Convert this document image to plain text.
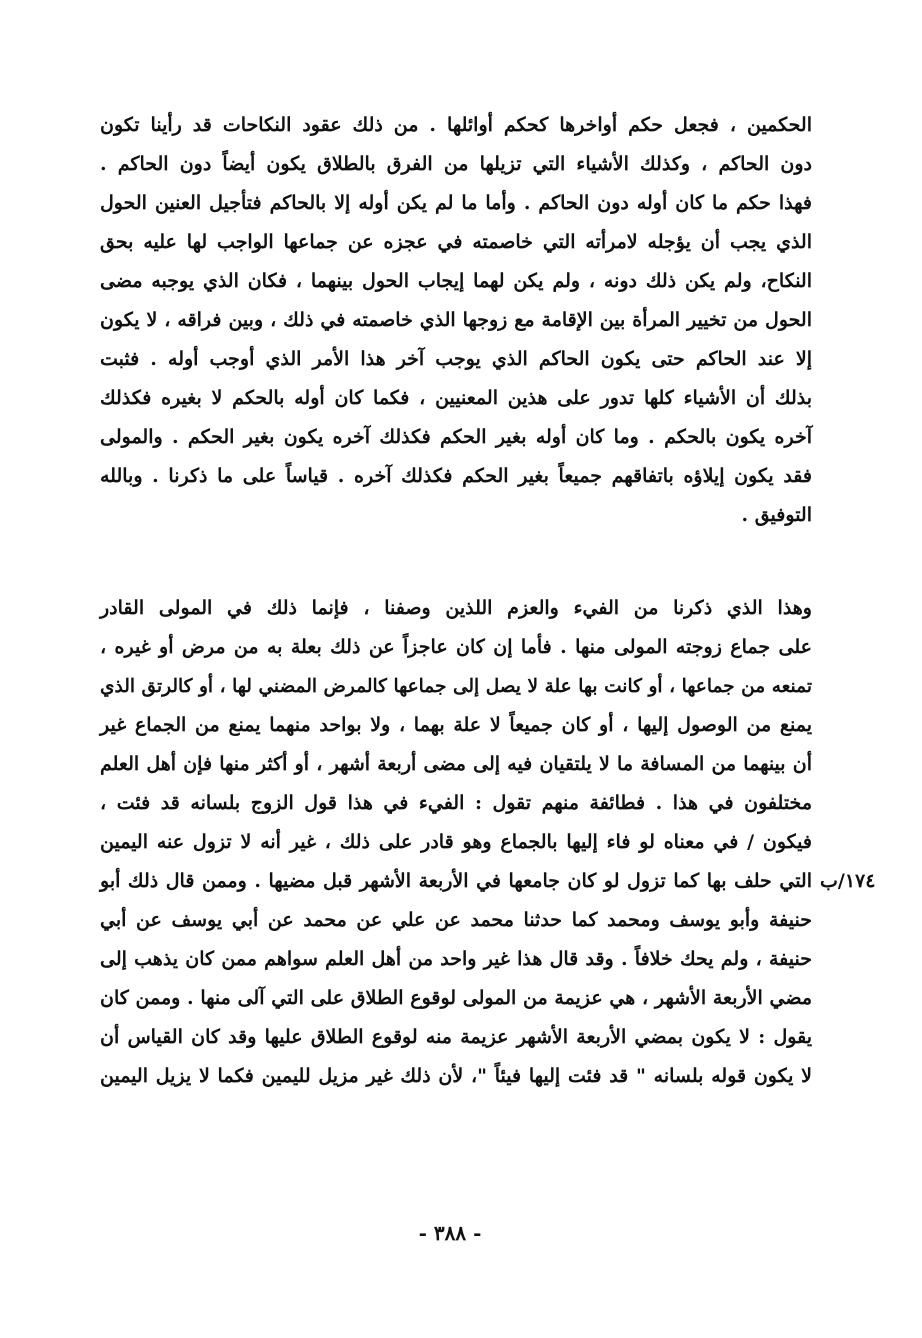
الحكمين ، فجعل حكم أواخرها كحكم أوائلها . من ذلك عقود النكاحات قد رأينا تكون
دون الحاكم ، وكذلك الأشياء التي تزيلها من الفرق بالطلاق يكون أيضاً دون الحاكم .
فهذا حكم ما كان أوله دون الحاكم . وأما ما لم يكن أوله إلا بالحاكم فتأجيل العنين الحول
الذي يجب أن يؤجله لامرأته التي خاصمته في عجزه عن جماعها الواجب لها عليه بحق
النكاح، ولم يكن ذلك دونه ، ولم يكن لهما إيجاب الحول بينهما ، فكان الذي يوجبه مضى
الحول من تخيير المرأة بين الإقامة مع زوجها الذي خاصمته في ذلك ، وبين فراقه ، لا يكون
إلا عند الحاكم حتى يكون الحاكم الذي يوجب آخر هذا الأمر الذي أوجب أوله . فثبت
بذلك أن الأشياء كلها تدور على هذين المعنيين ، فكما كان أوله بالحكم لا بغيره فكذلك
آخره يكون بالحكم . وما كان أوله بغير الحكم فكذلك آخره يكون بغير الحكم . والمولى
فقد يكون إيلاؤه باتفاقهم جميعاً بغير الحكم فكذلك آخره . قياساً على ما ذكرنا . وبالله
التوفيق .
وهذا الذي ذكرنا من الفيء والعزم اللذين وصفنا ، فإنما ذلك في المولى القادر
على جماع زوجته المولى منها . فأما إن كان عاجزاً عن ذلك بعلة به من مرض أو غيره ،
تمنعه من جماعها ، أو كانت بها علة لا يصل إلى جماعها كالمرض المضني لها ، أو كالرتق الذي
يمنع من الوصول إليها ، أو كان جميعاً لا علة بهما ، ولا بواحد منهما يمنع من الجماع غير
أن بينهما من المسافة ما لا يلتقيان فيه إلى مضى أربعة أشهر ، أو أكثر منها فإن أهل العلم
مختلفون في هذا . فطائفة منهم تقول : الفيء في هذا قول الزوج بلسانه قد فئت ،
فيكون / في معناه لو فاء إليها بالجماع وهو قادر على ذلك ، غير أنه لا تزول عنه اليمين
التي حلف بها كما تزول لو كان جامعها في الأربعة الأشهر قبل مضيها . وممن قال ذلك أبو
حنيفة وأبو يوسف ومحمد كما حدثنا محمد عن علي عن محمد عن أبي يوسف عن أبي
حنيفة ، ولم يحك خلافاً . وقد قال هذا غير واحد من أهل العلم سواهم ممن كان يذهب إلى
مضي الأربعة الأشهر ، هي عزيمة من المولى لوقوع الطلاق على التي آلى منها . وممن كان
يقول : لا يكون بمضي الأربعة الأشهر عزيمة منه لوقوع الطلاق عليها وقد كان القياس أن
لا يكون قوله بلسانه " قد فئت إليها فيئاً "، لأن ذلك غير مزيل لليمين فكما لا يزيل اليمين
١٧٤/ب
- ٣٨٨ -
